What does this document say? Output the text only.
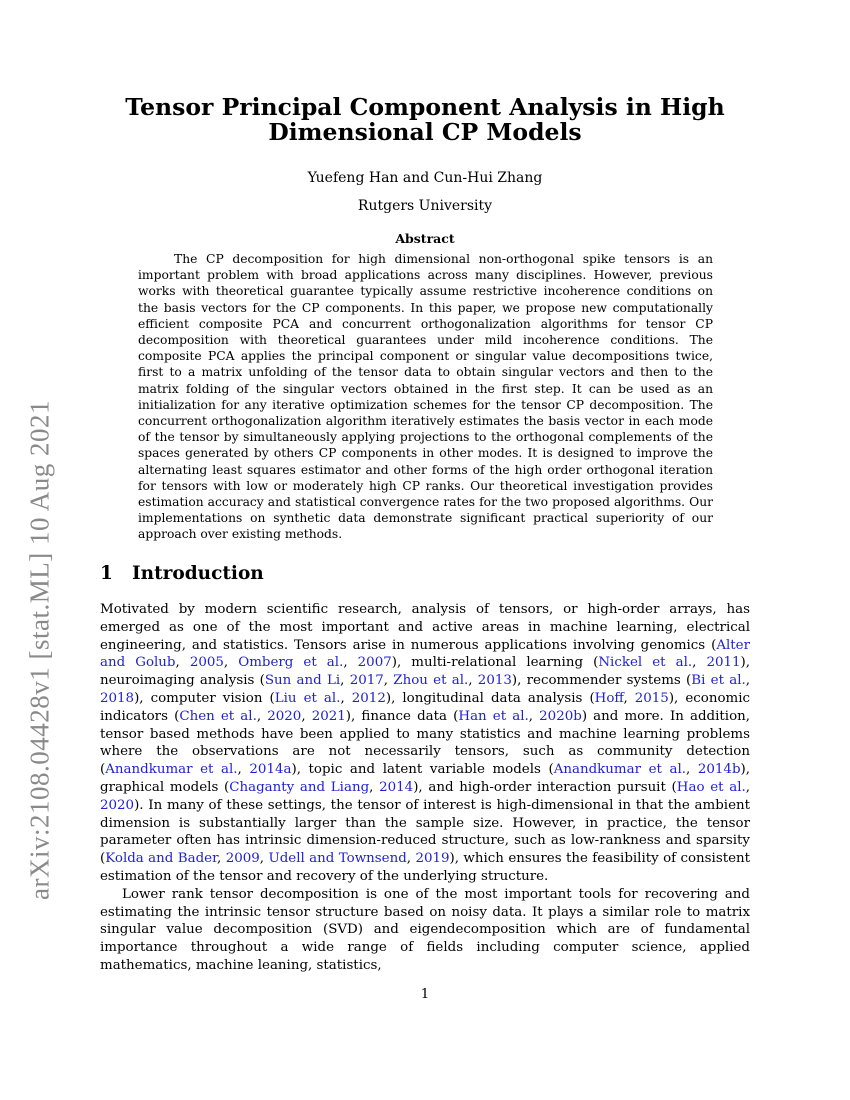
arXiv:2108.04428v1 [stat.ML] 10 Aug 2021
Tensor Principal Component Analysis in High Dimensional CP Models
Yuefeng Han and Cun-Hui Zhang
Rutgers University
Abstract
The CP decomposition for high dimensional non-orthogonal spike tensors is an important problem with broad applications across many disciplines. However, previous works with theoretical guarantee typically assume restrictive incoherence conditions on the basis vectors for the CP components. In this paper, we propose new computationally efficient composite PCA and concurrent orthogonalization algorithms for tensor CP decomposition with theoretical guarantees under mild incoherence conditions. The composite PCA applies the principal component or singular value decompositions twice, first to a matrix unfolding of the tensor data to obtain singular vectors and then to the matrix folding of the singular vectors obtained in the first step. It can be used as an initialization for any iterative optimization schemes for the tensor CP decomposition. The concurrent orthogonalization algorithm iteratively estimates the basis vector in each mode of the tensor by simultaneously applying projections to the orthogonal complements of the spaces generated by others CP components in other modes. It is designed to improve the alternating least squares estimator and other forms of the high order orthogonal iteration for tensors with low or moderately high CP ranks. Our theoretical investigation provides estimation accuracy and statistical convergence rates for the two proposed algorithms. Our implementations on synthetic data demonstrate significant practical superiority of our approach over existing methods.
1 Introduction

Motivated by modern scientific research, analysis of tensors, or high-order arrays, has emerged as one of the most important and active areas in machine learning, electrical engineering, and statistics. Tensors arise in numerous applications involving genomics (Alter and Golub, 2005, Omberg et al., 2007), multi-relational learning (Nickel et al., 2011), neuroimaging analysis (Sun and Li, 2017, Zhou et al., 2013), recommender systems (Bi et al., 2018), computer vision (Liu et al., 2012), longitudinal data analysis (Hoff, 2015), economic indicators (Chen et al., 2020, 2021), finance data (Han et al., 2020b) and more. In addition, tensor based methods have been applied to many statistics and machine learning problems where the observations are not necessarily tensors, such as community detection (Anandkumar et al., 2014a), topic and latent variable models (Anandkumar et al., 2014b), graphical models (Chaganty and Liang, 2014), and high-order interaction pursuit (Hao et al., 2020). In many of these settings, the tensor of interest is high-dimensional in that the ambient dimension is substantially larger than the sample size. However, in practice, the tensor parameter often has intrinsic dimension-reduced structure, such as low-rankness and sparsity (Kolda and Bader, 2009, Udell and Townsend, 2019), which ensures the feasibility of consistent estimation of the tensor and recovery of the underlying structure.

Lower rank tensor decomposition is one of the most important tools for recovering and estimating the intrinsic tensor structure based on noisy data. It plays a similar role to matrix singular value decomposition (SVD) and eigendecomposition which are of fundamental importance throughout a wide range of fields including computer science, applied mathematics, machine leaning, statistics,

1
